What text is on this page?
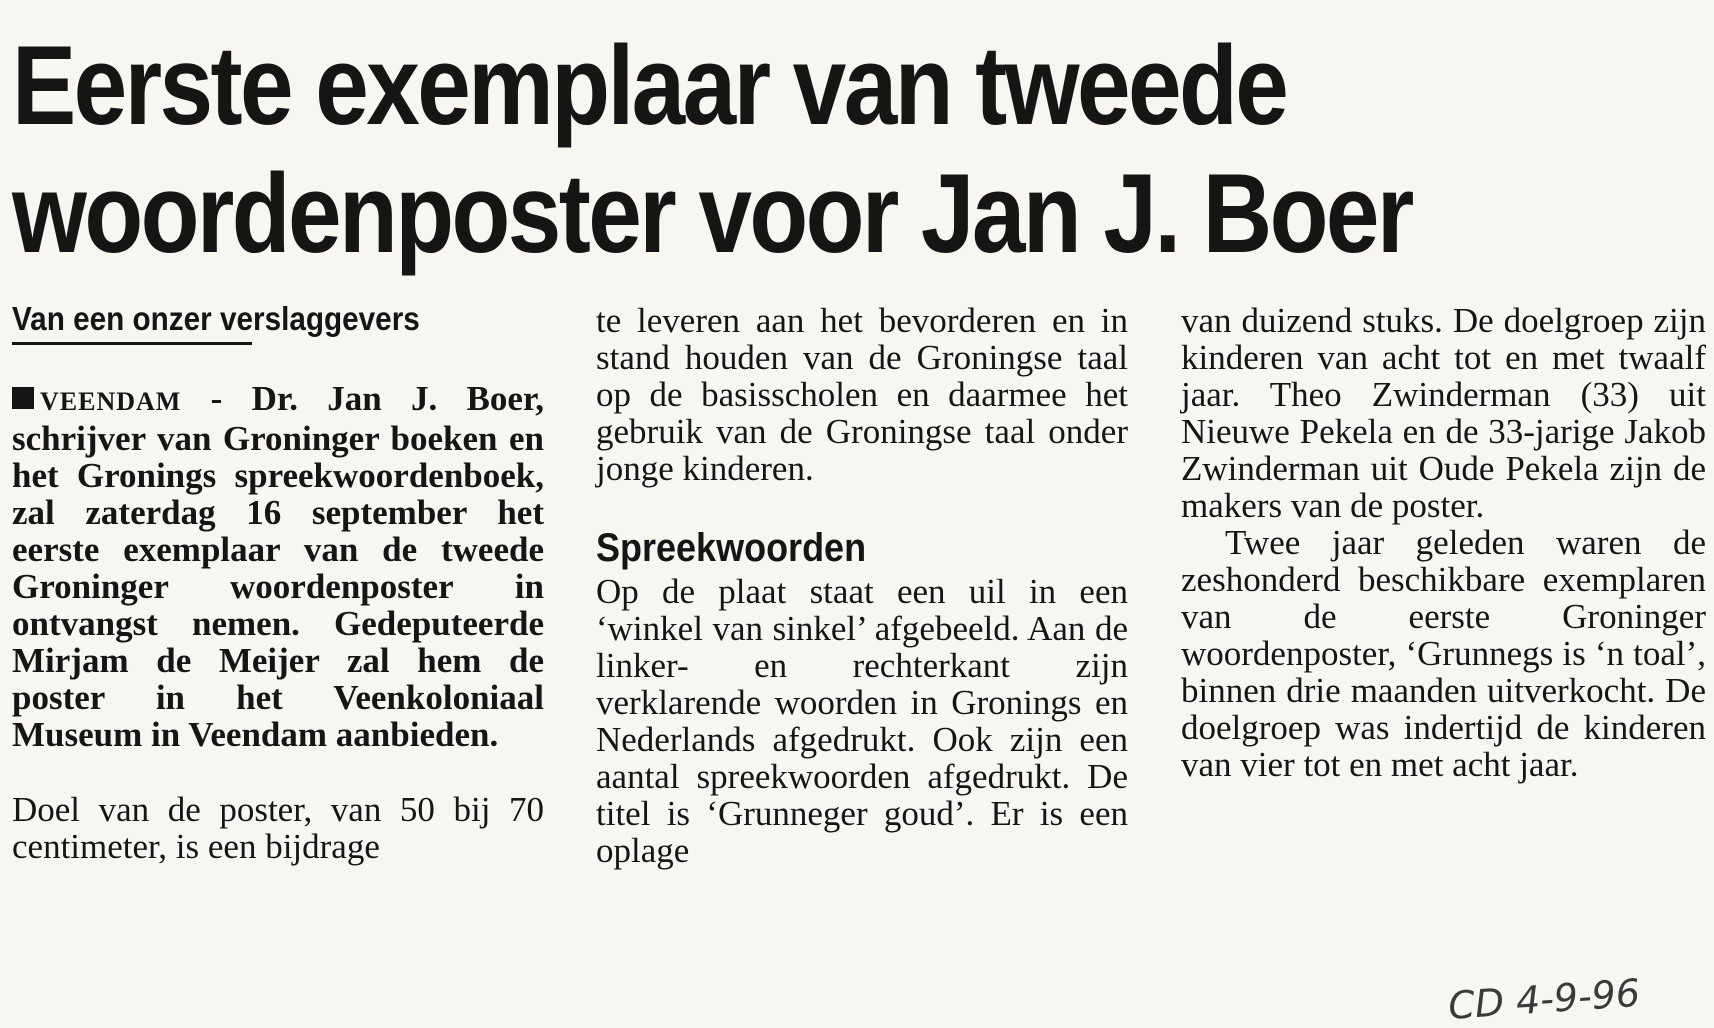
Eerste exemplaar van tweede
woordenposter voor Jan J. Boer
Van een onzer verslaggevers

VEENDAM - Dr. Jan J. Boer, schrijver van Groninger boeken en het Gronings spreekwoordenboek, zal zaterdag 16 september het eerste exemplaar van de tweede Groninger woordenposter in ontvangst nemen. Gedeputeerde Mirjam de Meijer zal hem de poster in het Veenkoloniaal Museum in Veendam aanbieden.

Doel van de poster, van 50 bij 70 centimeter, is een bijdrage

te leveren aan het bevorderen en in stand houden van de Groningse taal op de basisscholen en daarmee het gebruik van de Groningse taal onder jonge kinderen.

Spreekwoorden

Op de plaat staat een uil in een ‘winkel van sinkel’ afgebeeld. Aan de linker- en rechterkant zijn verklarende woorden in Gronings en Nederlands afgedrukt. Ook zijn een aantal spreekwoorden afgedrukt. De titel is ‘Grunneger goud’. Er is een oplage

van duizend stuks. De doelgroep zijn kinderen van acht tot en met twaalf jaar. Theo Zwinderman (33) uit Nieuwe Pekela en de 33-jarige Jakob Zwinderman uit Oude Pekela zijn de makers van de poster.

Twee jaar geleden waren de zeshonderd beschikbare exemplaren van de eerste Groninger woordenposter, ‘Grunnegs is ‘n toal’, binnen drie maanden uitverkocht. De doelgroep was indertijd de kinderen van vier tot en met acht jaar.

CD 4-9-96
